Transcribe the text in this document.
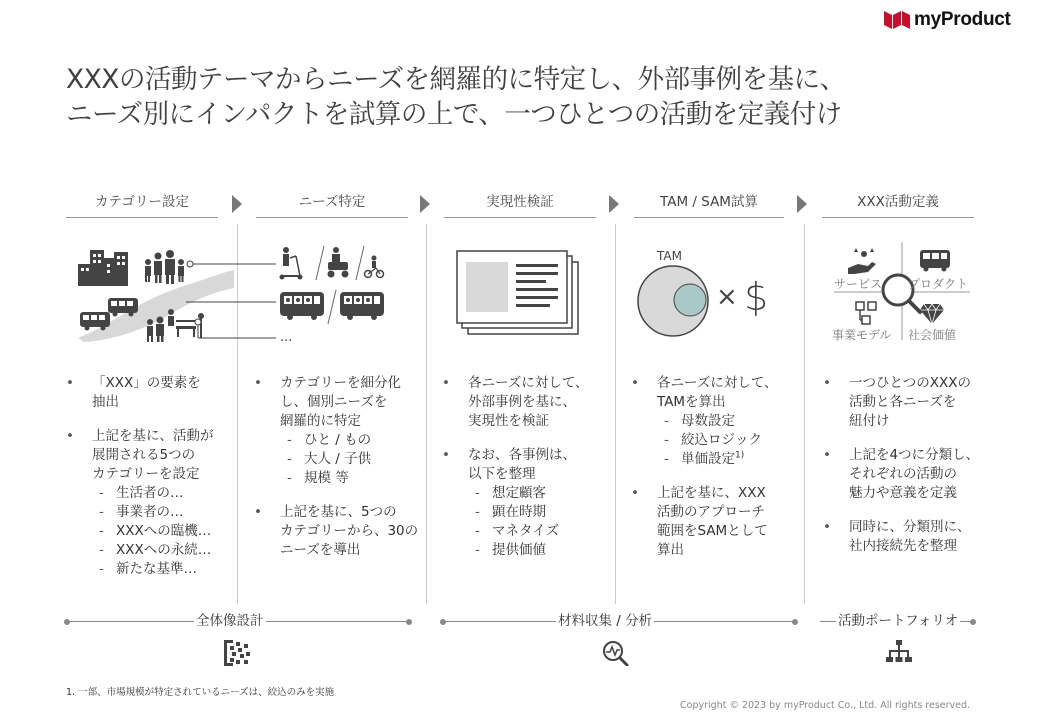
myProduct
XXXの活動テーマからニーズを網羅的に特定し、外部事例を基に、
ニーズ別にインパクトを試算の上で、一つひとつの活動を定義付け
カテゴリー設定	ニーズ特定	実現性検証	TAM / SAM試算	XXX活動定義
...
TAM
× $	サービス プロダクト
事業モデル 社会価値
• 「XXX」の要素を
抽出
• 上記を基に、活動が
展開される5つの
カテゴリーを設定
- 生活者の…
- 事業者の…
- XXXへの臨機…
- XXXへの永続…
- 新たな基準…
• カテゴリーを細分化
し、個別ニーズを
網羅的に特定
- ひと / もの
- 大人 / 子供
- 規模 等
• 上記を基に、5つの
カテゴリーから、30の
ニーズを導出
• 各ニーズに対して、
外部事例を基に、
実現性を検証
• なお、各事例は、
以下を整理
- 想定顧客
- 顕在時期
- マネタイズ
- 提供価値
• 各ニーズに対して、
TAMを算出
- 母数設定
- 絞込ロジック
- 単価設定$^{1)}$
• 上記を基に、XXX
活動のアプローチ
範囲をSAMとして
算出
• 一つひとつのXXXの
活動と各ニーズを
紐付け
• 上記を4つに分類し、
それぞれの活動の
魅力や意義を定義
• 同時に、分類別に、
社内接続先を整理
全体像設計	材料収集 / 分析	活動ポートフォリオ
1. 一部、市場規模が特定されているニーズは、絞込のみを実施
Copyright © 2023 by myProduct Co., Ltd. All rights reserved.
